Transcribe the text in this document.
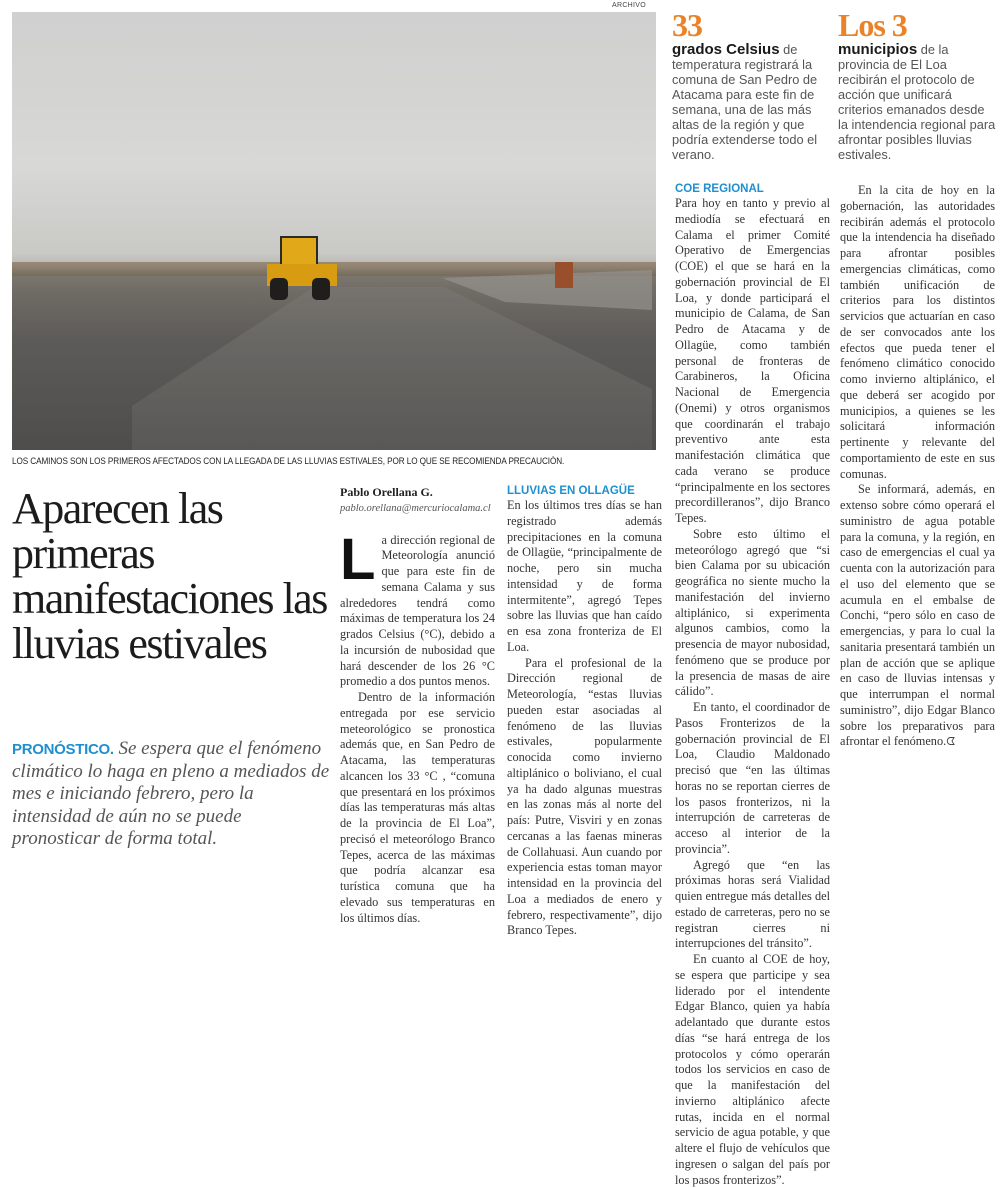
ARCHIVO
LOS CAMINOS SON LOS PRIMEROS AFECTADOS CON LA LLEGADA DE LAS LLUVIAS ESTIVALES, POR LO QUE SE RECOMIENDA PRECAUCIÓN.
Aparecen las primeras manifestaciones las lluvias estivales
PRONÓSTICO. Se espera que el fenómeno climático lo haga en pleno a mediados de mes e iniciando febrero, pero la intensidad de aún no se puede pronosticar de forma total.
33
grados Celsius de temperatura registrará la comuna de San Pedro de Atacama para este fin de semana, una de las más altas de la región y que podría extenderse todo el verano.
Los 3
municipios de la provincia de El Loa recibirán el protocolo de acción que unificará criterios emanados desde la intendencia regional para afrontar posibles lluvias estivales.
Pablo Orellana G.
pablo.orellana@mercuriocalama.cl

La dirección regional de Meteorología anunció que para este fin de semana Calama y sus alrededores tendrá como máximas de temperatura los 24 grados Celsius (°C), debido a la incursión de nubosidad que hará descender de los 26 °C promedio a dos puntos menos.

Dentro de la información entregada por ese servicio meteorológico se pronostica además que, en San Pedro de Atacama, las temperaturas alcancen los 33 °C , “comuna que presentará en los próximos días las temperaturas más altas de la provincia de El Loa”, precisó el meteorólogo Branco Tepes, acerca de las máximas que podría alcanzar esa turística comuna que ha elevado sus temperaturas en los últimos días.

LLUVIAS EN OLLAGÜE

En los últimos tres días se han registrado además precipitaciones en la comuna de Ollagüe, “principalmente de noche, pero sin mucha intensidad y de forma intermitente”, agregó Tepes sobre las lluvias que han caído en esa zona fronteriza de El Loa.

Para el profesional de la Dirección regional de Meteorología, “estas lluvias pueden estar asociadas al fenómeno de las lluvias estivales, popularmente conocida como invierno altiplánico o boliviano, el cual ya ha dado algunas muestras en las zonas más al norte del país: Putre, Visviri y en zonas cercanas a las faenas mineras de Collahuasi. Aun cuando por experiencia estas toman mayor intensidad en la provincia del Loa a mediados de enero y febrero, respectivamente”, dijo Branco Tepes.

COE REGIONAL

Para hoy en tanto y previo al mediodía se efectuará en Calama el primer Comité Operativo de Emergencias (COE) el que se hará en la gobernación provincial de El Loa, y donde participará el municipio de Calama, de San Pedro de Atacama y de Ollagüe, como también personal de fronteras de Carabineros, la Oficina Nacional de Emergencia (Onemi) y otros organismos que coordinarán el trabajo preventivo ante esta manifestación climática que cada verano se produce “principalmente en los sectores precordilleranos”, dijo Branco Tepes.

Sobre esto último el meteorólogo agregó que “si bien Calama por su ubicación geográfica no siente mucho la manifestación del invierno altiplánico, si experimenta algunos cambios, como la presencia de mayor nubosidad, fenómeno que se produce por la presencia de masas de aire cálido”.

En tanto, el coordinador de Pasos Fronterizos de la gobernación provincial de El Loa, Claudio Maldonado precisó que “en las últimas horas no se reportan cierres de los pasos fronterizos, ni la interrupción de carreteras de acceso al interior de la provincia”.

Agregó que “en las próximas horas será Vialidad quien entregue más detalles del estado de carreteras, pero no se registran cierres ni interrupciones del tránsito”.

En cuanto al COE de hoy, se espera que participe y sea liderado por el intendente Edgar Blanco, quien ya había adelantado que durante estos días “se hará entrega de los protocolos y cómo operarán todos los servicios en caso de que la manifestación del invierno altiplánico afecte rutas, incida en el normal servicio de agua potable, y que altere el flujo de vehículos que ingresen o salgan del país por los pasos fronterizos”.

En la cita de hoy en la gobernación, las autoridades recibirán además el protocolo que la intendencia ha diseñado para afrontar posibles emergencias climáticas, como también unificación de criterios para los distintos servicios que actuarían en caso de ser convocados ante los efectos que pueda tener el fenómeno climático conocido como invierno altiplánico, el que deberá ser acogido por municipios, a quienes se les solicitará información pertinente y relevante del comportamiento de este en sus comunas.

Se informará, además, en extenso sobre cómo operará el suministro de agua potable para la comuna, y la región, en caso de emergencias el cual ya cuenta con la autorización para el uso del elemento que se acumula en el embalse de Conchi, “pero sólo en caso de emergencias, y para lo cual la sanitaria presentará también un plan de acción que se aplique en caso de lluvias intensas y que interrumpan el normal suministro”, dijo Edgar Blanco sobre los preparativos para afrontar el fenómeno.ᗧ
